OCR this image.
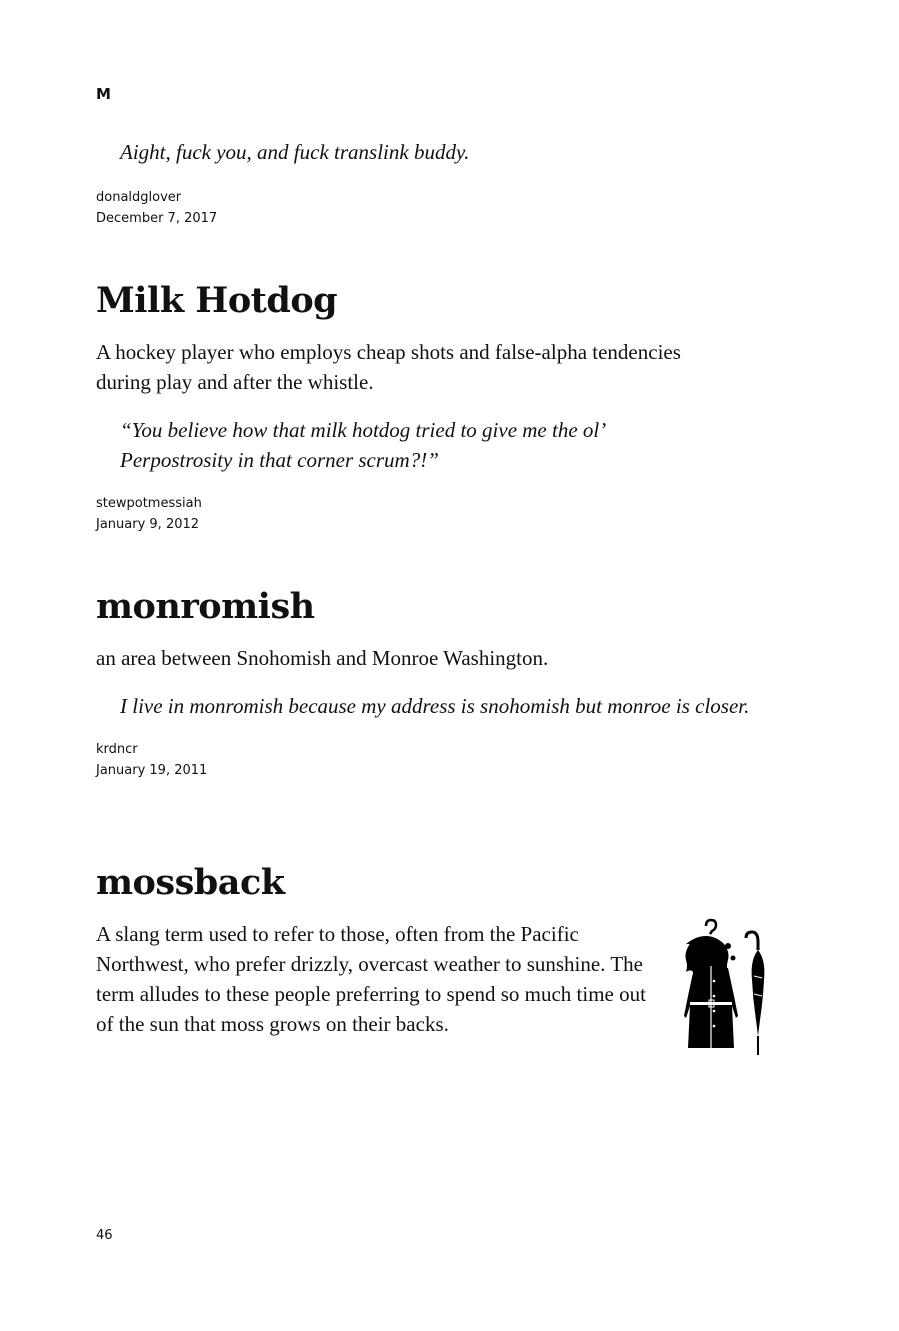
M

Aight, fuck you, and fuck translink buddy.

donaldglover

December 7, 2017

Milk Hotdog

A hockey player who employs cheap shots and false-alpha tendencies during play and after the whistle.

“You believe how that milk hotdog tried to give me the ol’ Perpostrosity in that corner scrum?!”

stewpotmessiah

January 9, 2012

monromish

an area between Snohomish and Monroe Washington.

I live in monromish because my address is snohomish but monroe is closer.

krdncr

January 19, 2011

mossback

A slang term used to refer to those, often from the Pacific Northwest, who prefer drizzly, overcast weather to sunshine. The term alludes to these people preferring to spend so much time out of the sun that moss grows on their backs.

46
